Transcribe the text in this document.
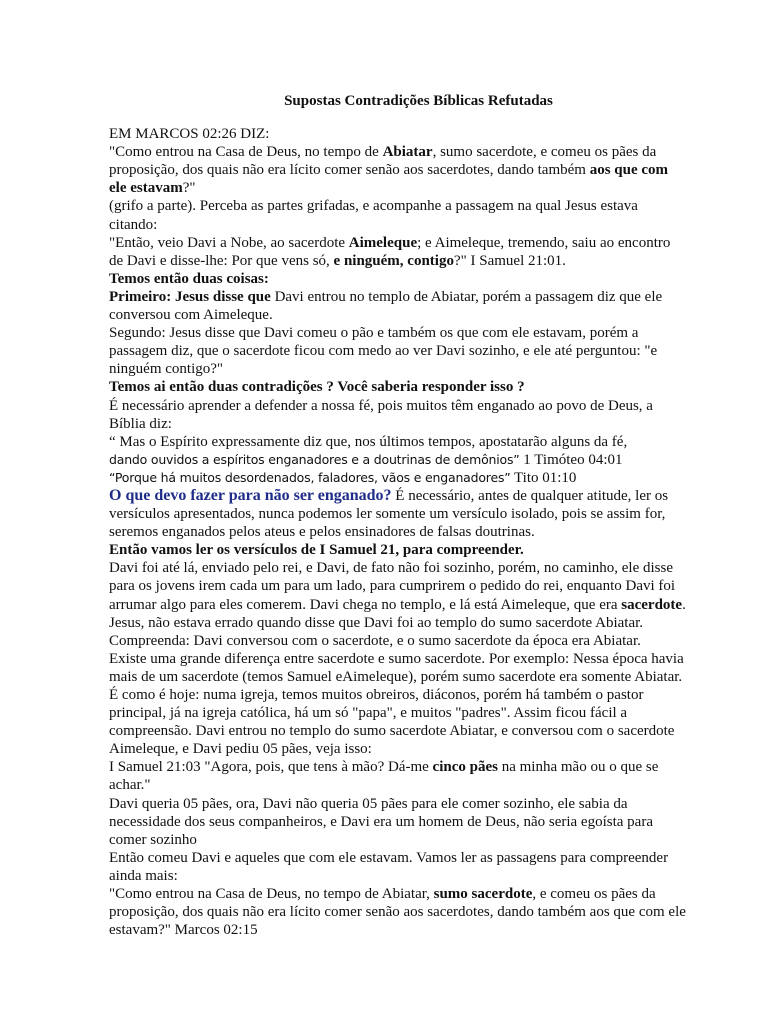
Supostas Contradições Bíblicas Refutadas

EM MARCOS 02:26 DIZ:

"Como entrou na Casa de Deus, no tempo de Abiatar, sumo sacerdote, e comeu os pães da proposição, dos quais não era lícito comer senão aos sacerdotes, dando também aos que com ele estavam?"

(grifo a parte). Perceba as partes grifadas, e acompanhe a passagem na qual Jesus estava citando:

"Então, veio Davi a Nobe, ao sacerdote Aimeleque; e Aimeleque, tremendo, saiu ao encontro de Davi e disse-lhe: Por que vens só, e ninguém, contigo?" I Samuel 21:01.

Temos então duas coisas:

Primeiro: Jesus disse que Davi entrou no templo de Abiatar, porém a passagem diz que ele conversou com Aimeleque.

Segundo: Jesus disse que Davi comeu o pão e também os que com ele estavam, porém a passagem diz, que o sacerdote ficou com medo ao ver Davi sozinho, e ele até perguntou: "e ninguém contigo?"

Temos ai então duas contradições ? Você saberia responder isso ?

É necessário aprender a defender a nossa fé, pois muitos têm enganado ao povo de Deus, a Bíblia diz:

“ Mas o Espírito expressamente diz que, nos últimos tempos, apostatarão alguns da fé,
dando ouvidos a espíritos enganadores e a doutrinas de demônios” 1 Timóteo 04:01

“Porque há muitos desordenados, faladores, vãos e enganadores” Tito 01:10

O que devo fazer para não ser enganado? É necessário, antes de qualquer atitude, ler os versículos apresentados, nunca podemos ler somente um versículo isolado, pois se assim for, seremos enganados pelos ateus e pelos ensinadores de falsas doutrinas.

Então vamos ler os versículos de I Samuel 21, para compreender.

Davi foi até lá, enviado pelo rei, e Davi, de fato não foi sozinho, porém, no caminho, ele disse para os jovens irem cada um para um lado, para cumprirem o pedido do rei, enquanto Davi foi arrumar algo para eles comerem. Davi chega no templo, e lá está Aimeleque, que era sacerdote. Jesus, não estava errado quando disse que Davi foi ao templo do sumo sacerdote Abiatar. Compreenda: Davi conversou com o sacerdote, e o sumo sacerdote da época era Abiatar.

Existe uma grande diferença entre sacerdote e sumo sacerdote. Por exemplo: Nessa época havia mais de um sacerdote (temos Samuel eAimeleque), porém sumo sacerdote era somente Abiatar. É como é hoje: numa igreja, temos muitos obreiros, diáconos, porém há também o pastor principal, já na igreja católica, há um só "papa", e muitos "padres". Assim ficou fácil a compreensão. Davi entrou no templo do sumo sacerdote Abiatar, e conversou com o sacerdote Aimeleque, e Davi pediu 05 pães, veja isso:

I Samuel 21:03 "Agora, pois, que tens à mão? Dá-me cinco pães na minha mão ou o que se achar."

Davi queria 05 pães, ora, Davi não queria 05 pães para ele comer sozinho, ele sabia da necessidade dos seus companheiros, e Davi era um homem de Deus, não seria egoísta para comer sozinho

Então comeu Davi e aqueles que com ele estavam. Vamos ler as passagens para compreender ainda mais:

"Como entrou na Casa de Deus, no tempo de Abiatar, sumo sacerdote, e comeu os pães da proposição, dos quais não era lícito comer senão aos sacerdotes, dando também aos que com ele estavam?" Marcos 02:15
